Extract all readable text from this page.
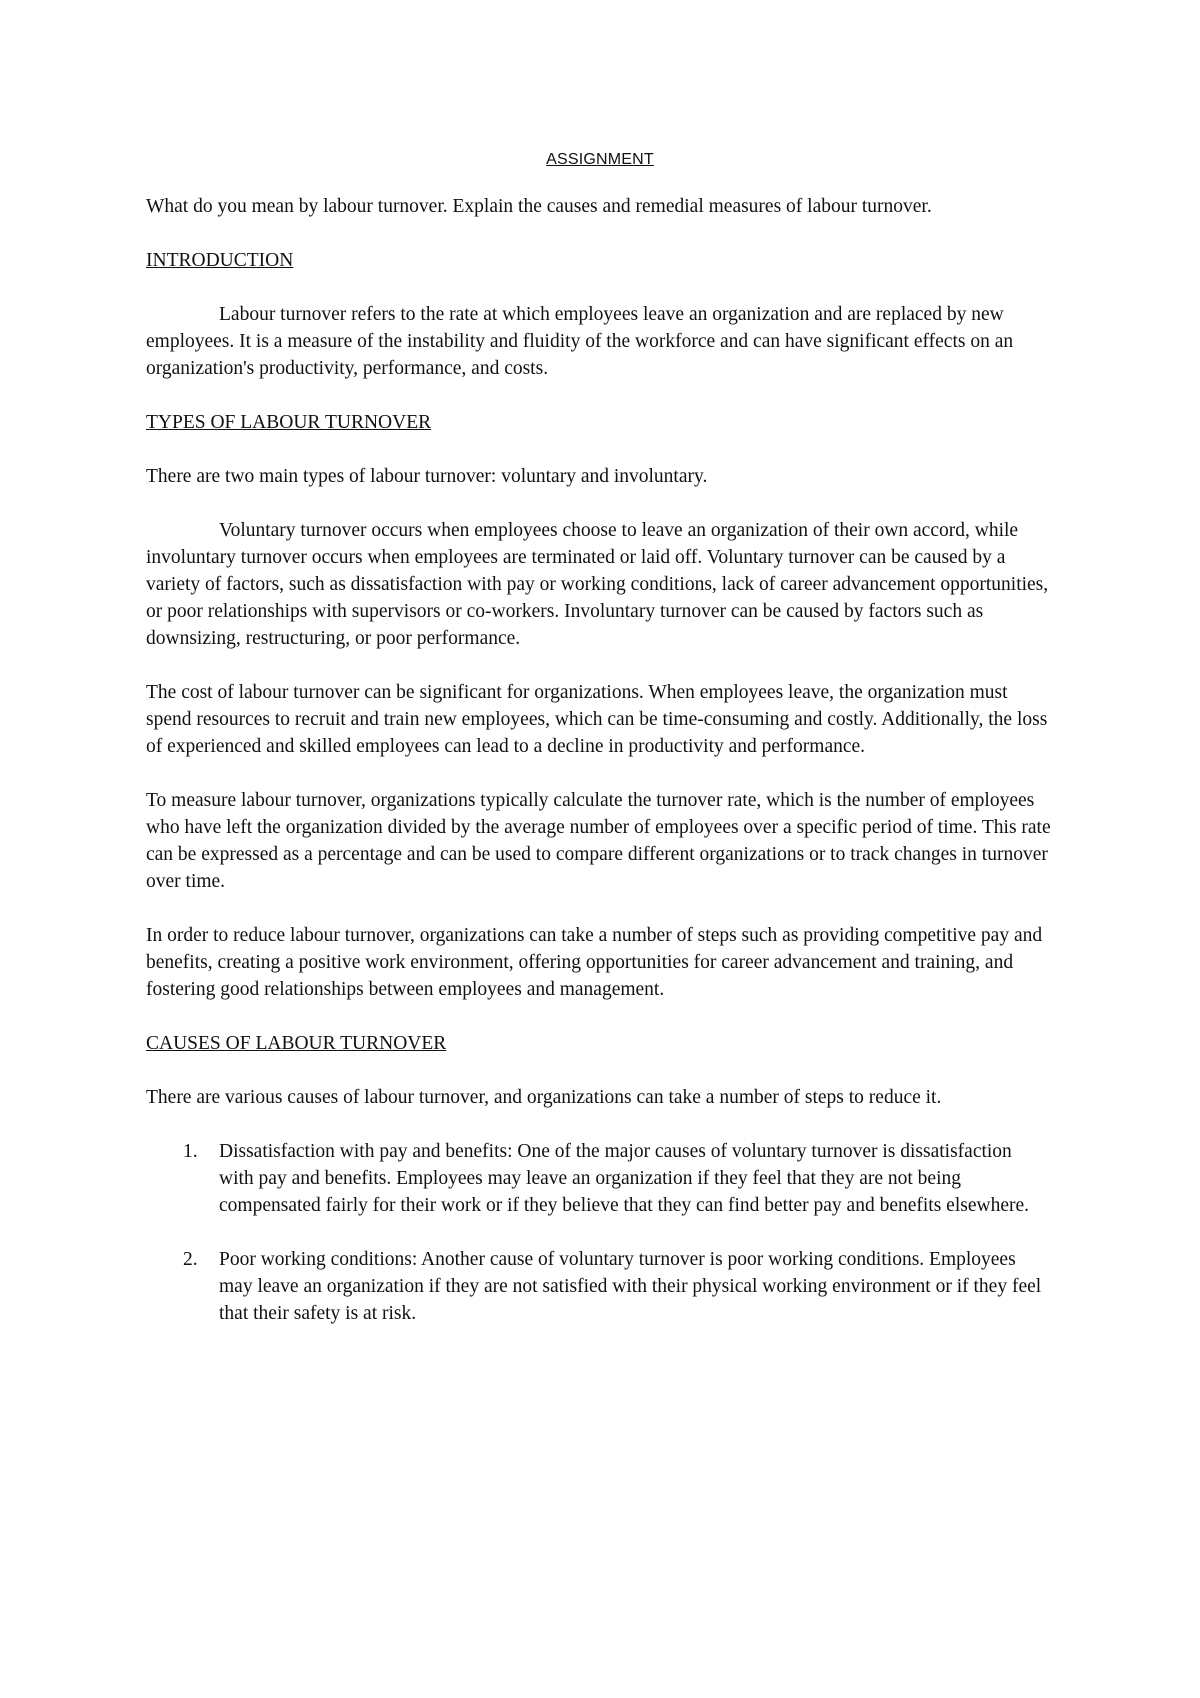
ASSIGNMENT

What do you mean by labour turnover. Explain the causes and remedial measures of labour turnover.

INTRODUCTION

Labour turnover refers to the rate at which employees leave an organization and are replaced by new employees. It is a measure of the instability and fluidity of the workforce and can have significant effects on an organization's productivity, performance, and costs.

TYPES OF LABOUR TURNOVER

There are two main types of labour turnover: voluntary and involuntary.

Voluntary turnover occurs when employees choose to leave an organization of their own accord, while involuntary turnover occurs when employees are terminated or laid off. Voluntary turnover can be caused by a variety of factors, such as dissatisfaction with pay or working conditions, lack of career advancement opportunities, or poor relationships with supervisors or co-workers. Involuntary turnover can be caused by factors such as downsizing, restructuring, or poor performance.

The cost of labour turnover can be significant for organizations. When employees leave, the organization must spend resources to recruit and train new employees, which can be time-consuming and costly. Additionally, the loss of experienced and skilled employees can lead to a decline in productivity and performance.

To measure labour turnover, organizations typically calculate the turnover rate, which is the number of employees who have left the organization divided by the average number of employees over a specific period of time. This rate can be expressed as a percentage and can be used to compare different organizations or to track changes in turnover over time.

In order to reduce labour turnover, organizations can take a number of steps such as providing competitive pay and benefits, creating a positive work environment, offering opportunities for career advancement and training, and fostering good relationships between employees and management.

CAUSES OF LABOUR TURNOVER

There are various causes of labour turnover, and organizations can take a number of steps to reduce it.

1. Dissatisfaction with pay and benefits: One of the major causes of voluntary turnover is dissatisfaction with pay and benefits. Employees may leave an organization if they feel that they are not being compensated fairly for their work or if they believe that they can find better pay and benefits elsewhere.
2. Poor working conditions: Another cause of voluntary turnover is poor working conditions. Employees may leave an organization if they are not satisfied with their physical working environment or if they feel that their safety is at risk.
